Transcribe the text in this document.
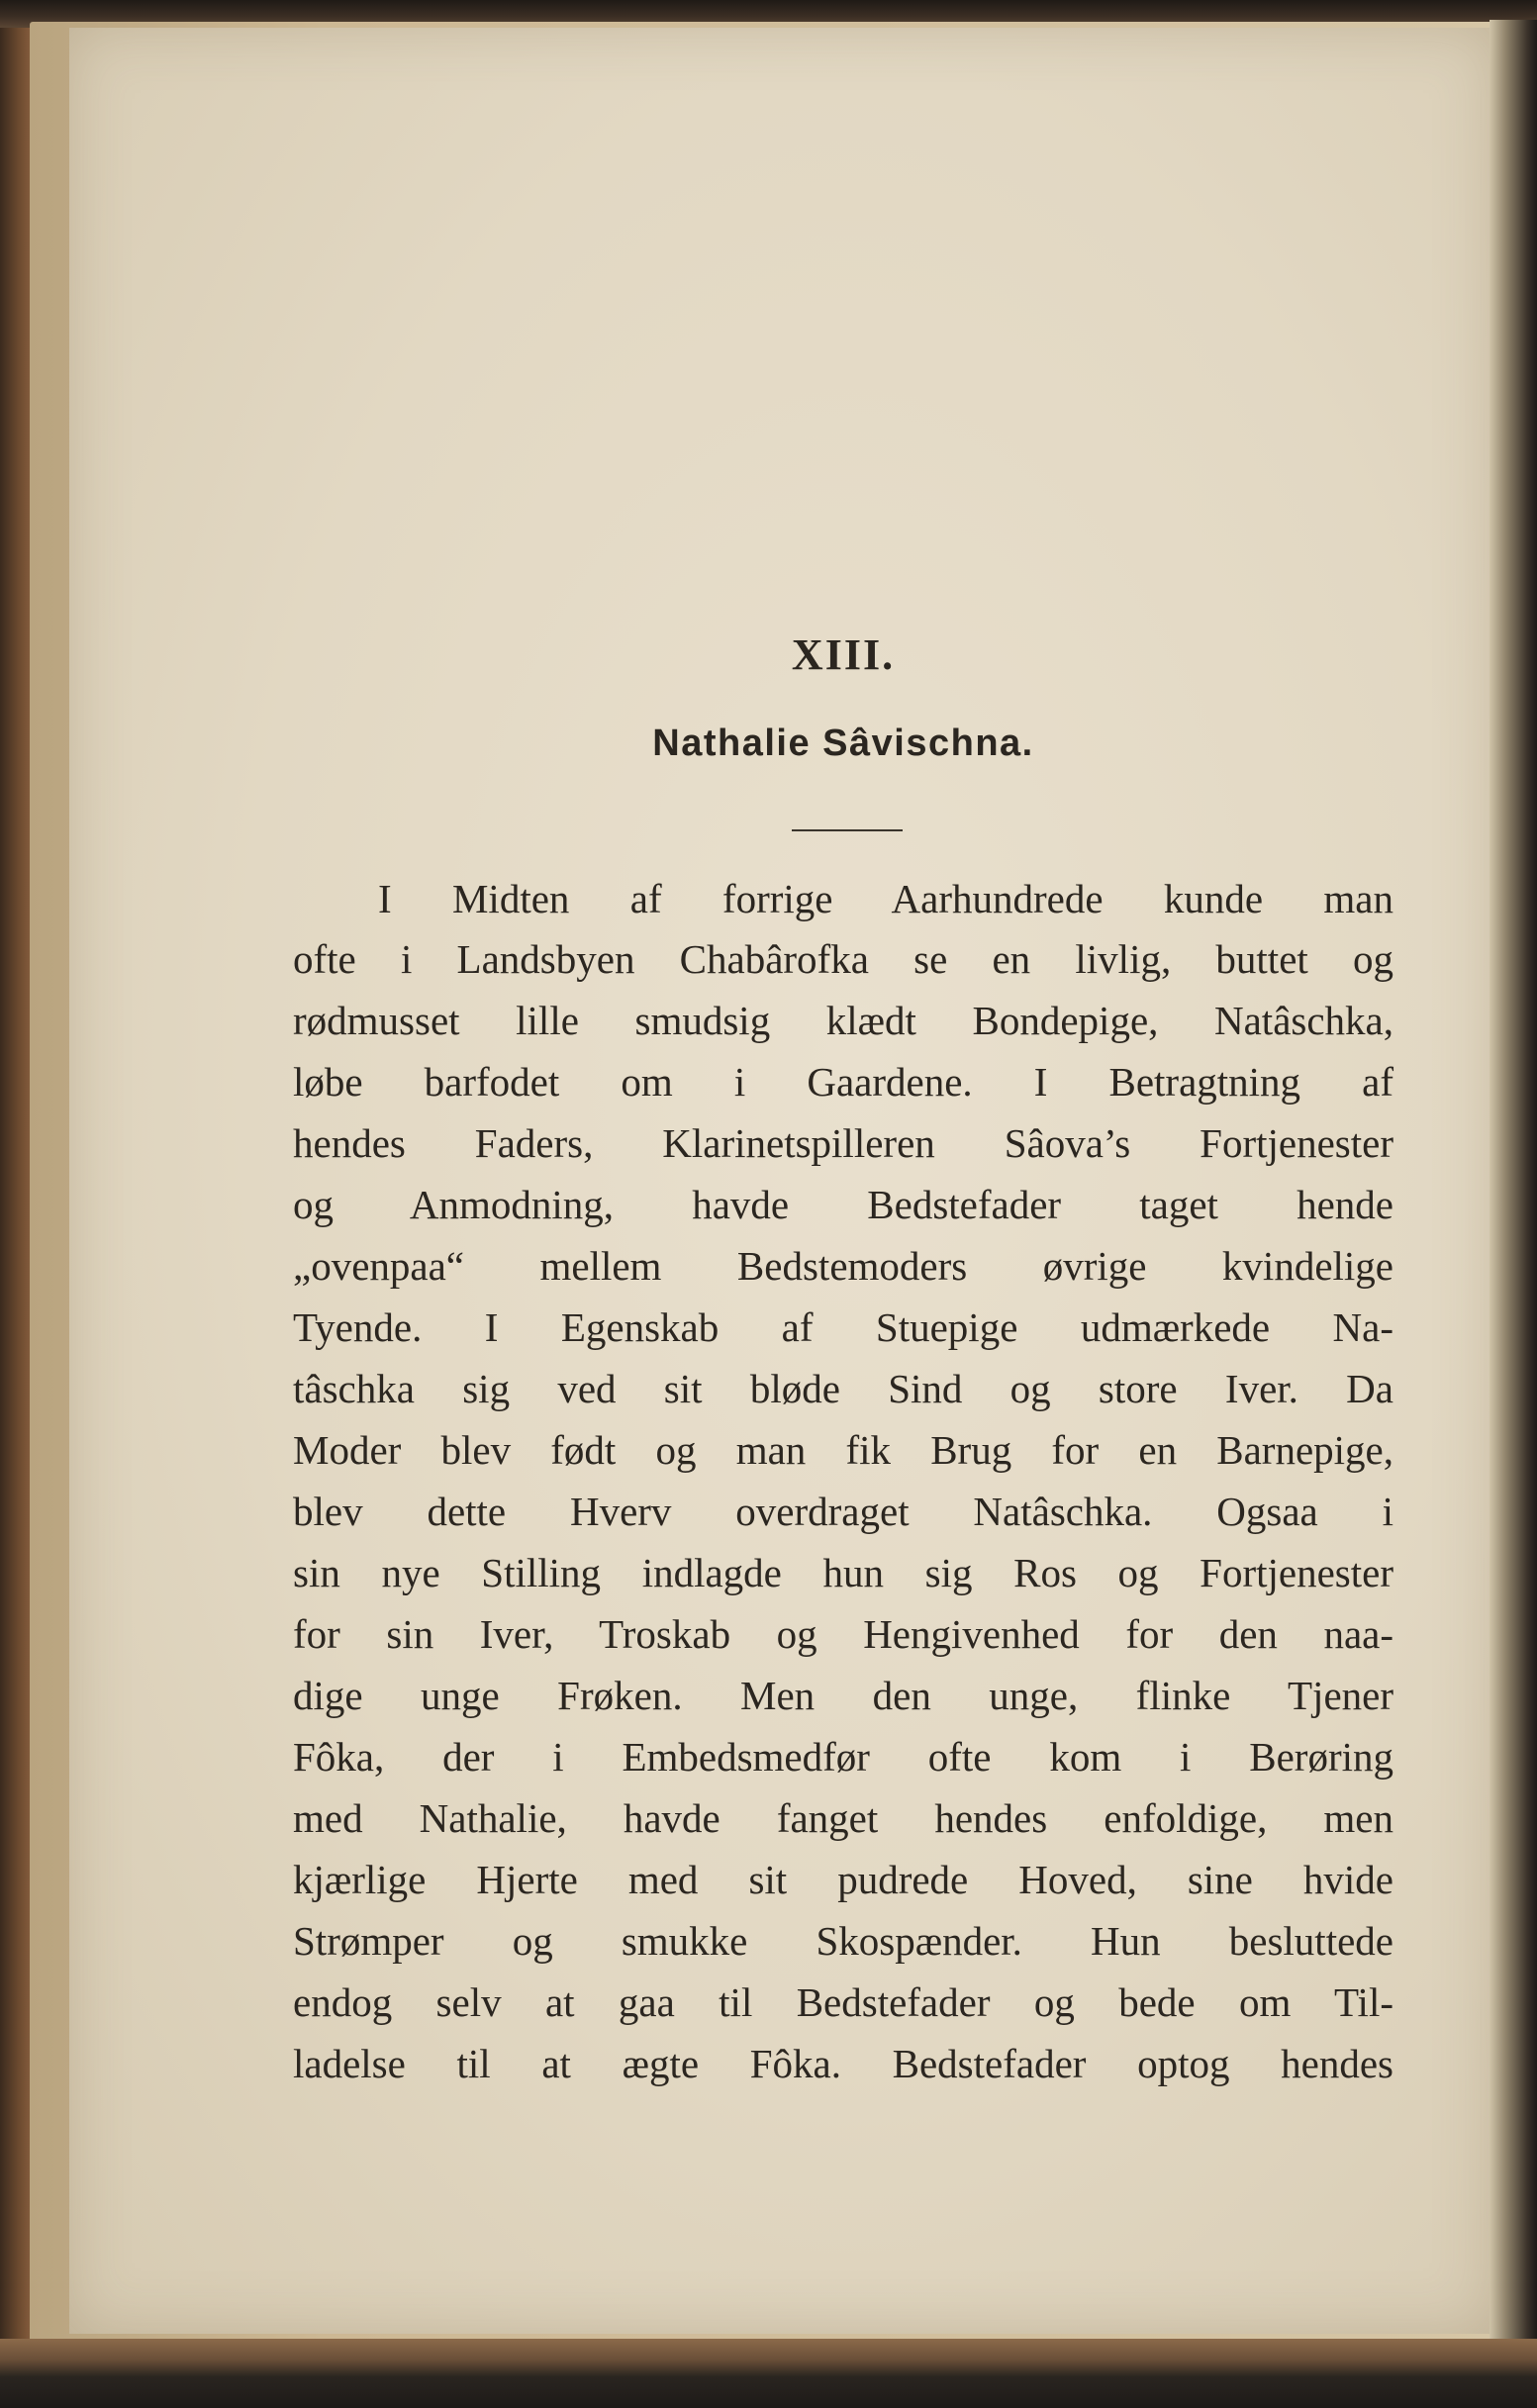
XIII.
Nathalie Sâvischna.
I Midten af forrige Aarhundrede kunde man
ofte i Landsbyen Chabârofka se en livlig, buttet og
rødmusset lille smudsig klædt Bondepige, Natâschka,
løbe barfodet om i Gaardene. I Betragtning af
hendes Faders, Klarinetspilleren Sâova’s Fortjenester
og Anmodning, havde Bedstefader taget hende
„ovenpaa“ mellem Bedstemoders øvrige kvindelige
Tyende. I Egenskab af Stuepige udmærkede Na-
tâschka sig ved sit bløde Sind og store Iver. Da
Moder blev født og man fik Brug for en Barnepige,
blev dette Hverv overdraget Natâschka. Ogsaa i
sin nye Stilling indlagde hun sig Ros og Fortjenester
for sin Iver, Troskab og Hengivenhed for den naa-
dige unge Frøken. Men den unge, flinke Tjener
Fôka, der i Embedsmedfør ofte kom i Berøring
med Nathalie, havde fanget hendes enfoldige, men
kjærlige Hjerte med sit pudrede Hoved, sine hvide
Strømper og smukke Skospænder. Hun besluttede
endog selv at gaa til Bedstefader og bede om Til-
ladelse til at ægte Fôka. Bedstefader optog hendes
